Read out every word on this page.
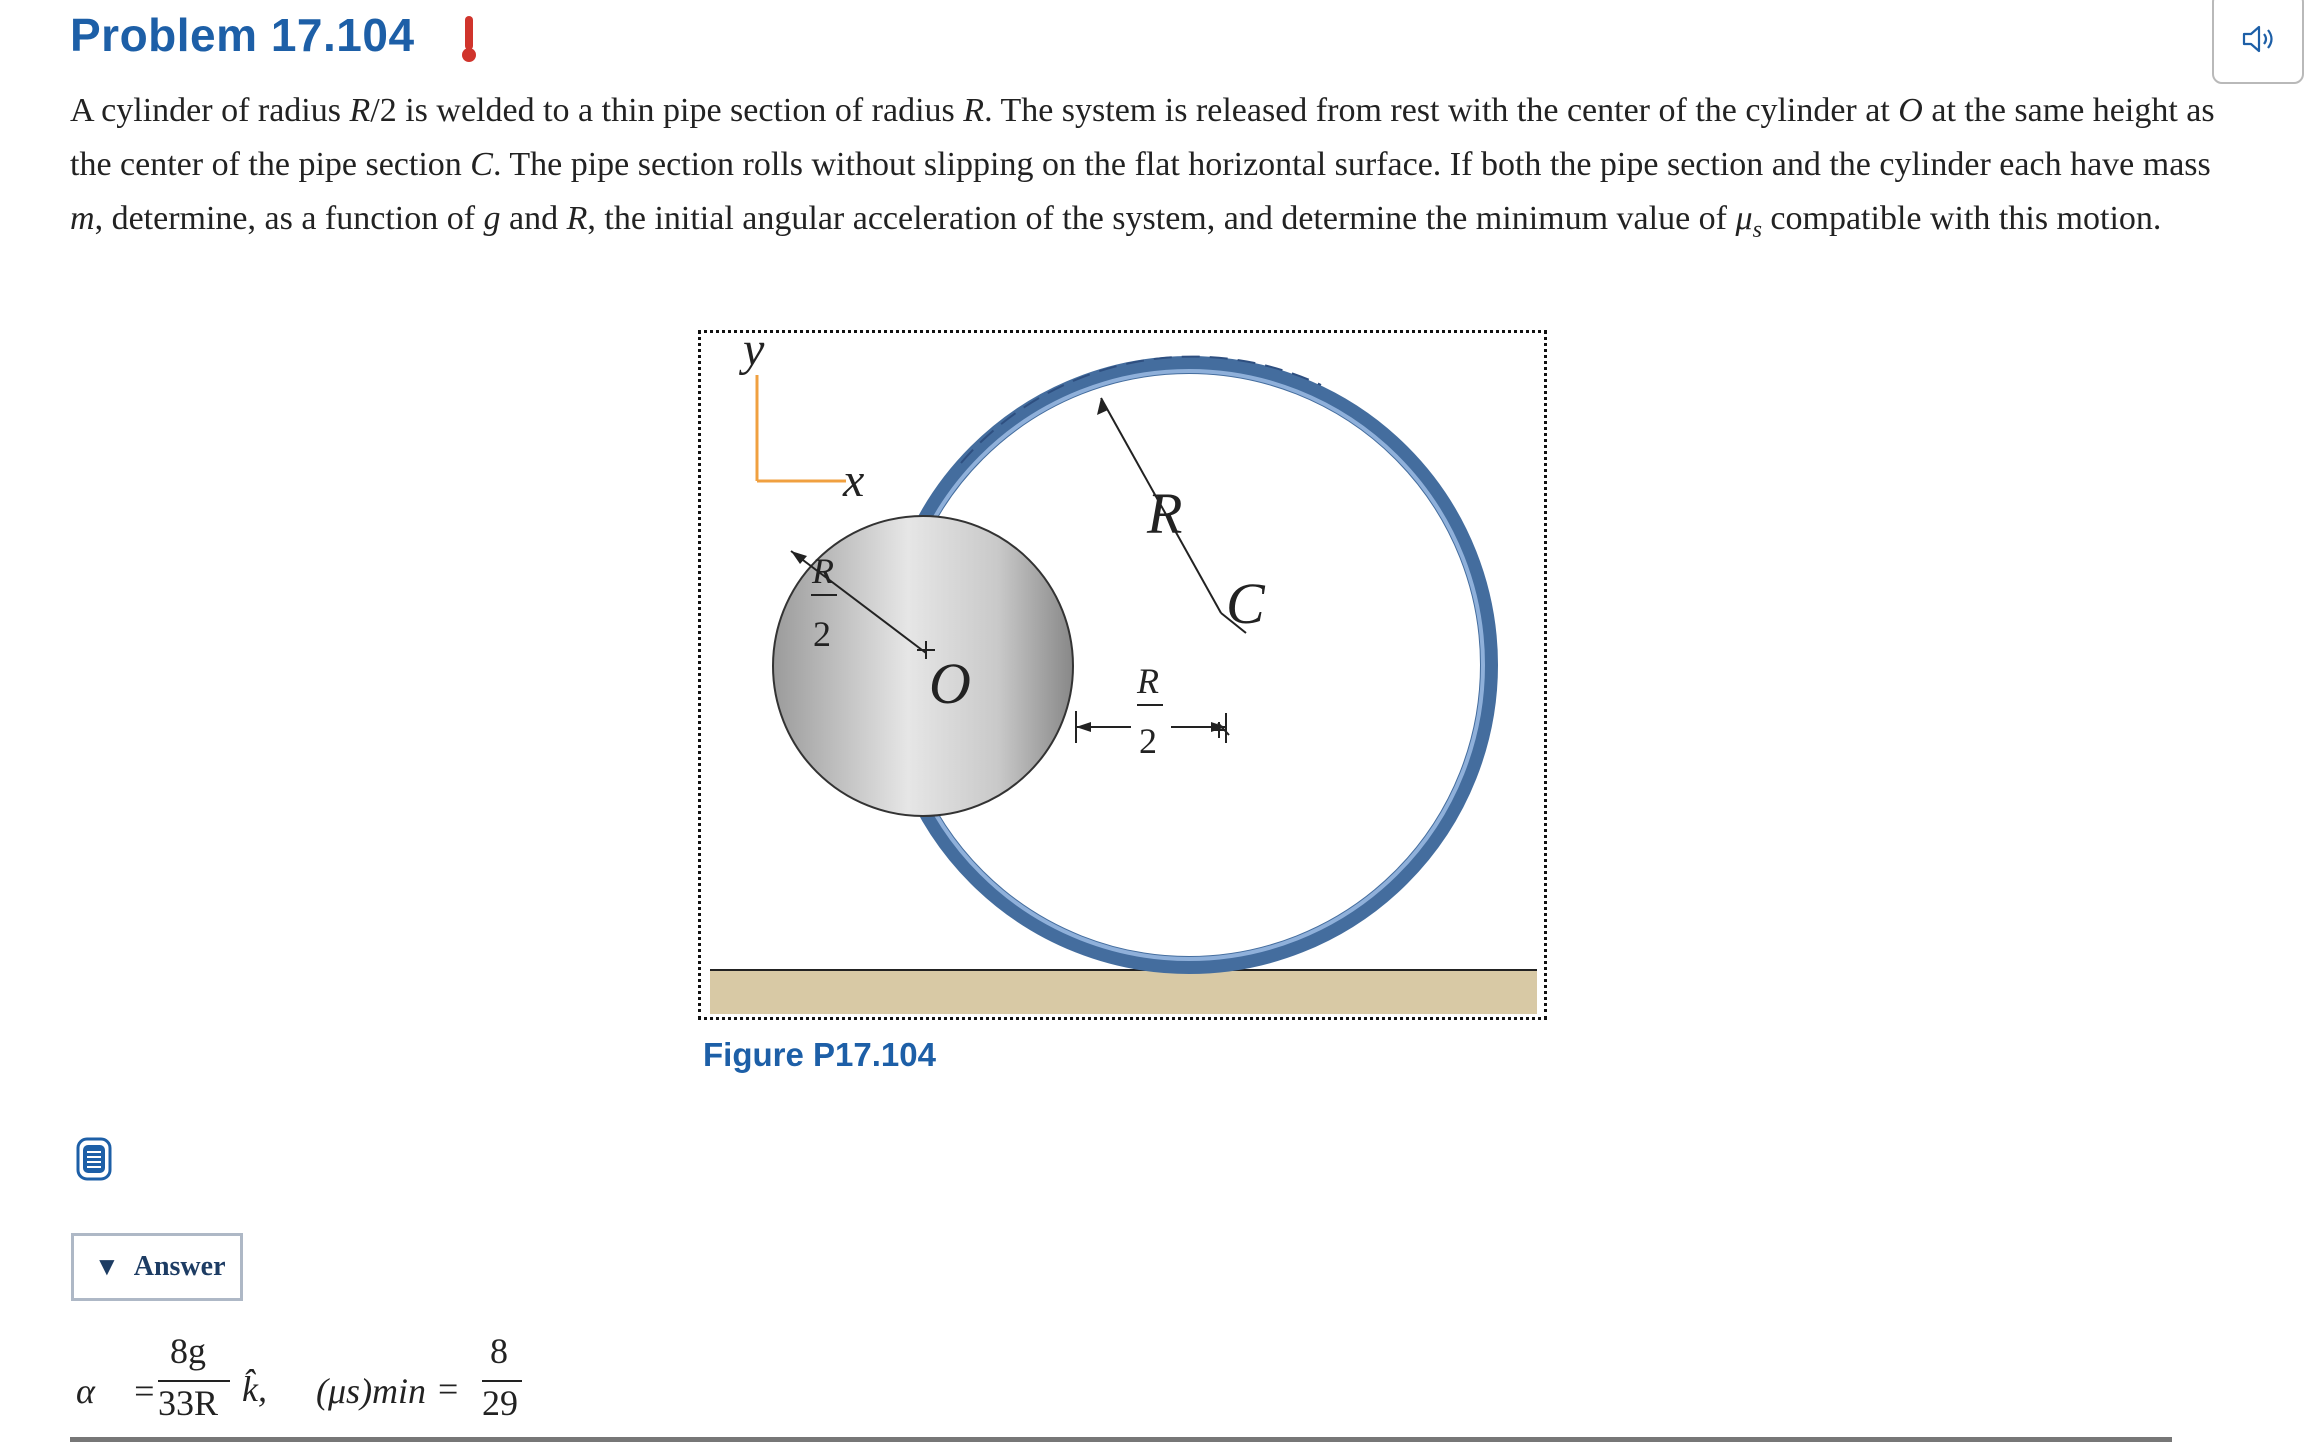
Problem 17.104
A cylinder of radius R/2 is welded to a thin pipe section of radius R. The system is released from rest with the center of the cylinder at O at the same height as the center of the pipe section C. The pipe section rolls without slipping on the flat horizontal surface. If both the pipe section and the cylinder each have mass m, determine, as a function of g and R, the initial angular acceleration of the system, and determine the minimum value of $\mu_s$ compatible with this motion.
y
x
R
C
O
R
2
R
2
Figure P17.104
▼ Answer
α⃗ =
8g
33R k̂, (μs)min =
8
29
